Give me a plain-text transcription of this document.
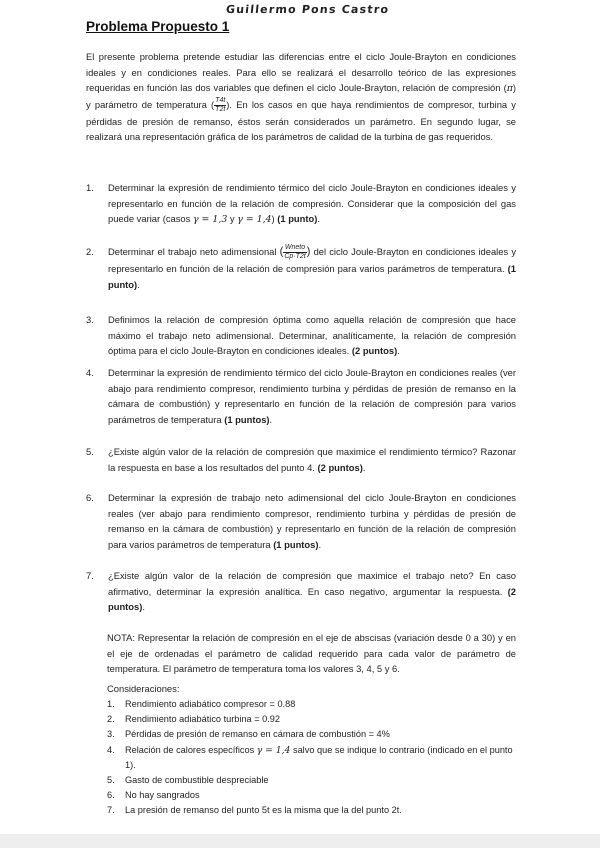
Guillermo Pons Castro
Problema Propuesto 1
El presente problema pretende estudiar las diferencias entre el ciclo Joule-Brayton en condiciones ideales y en condiciones reales. Para ello se realizará el desarrollo teórico de las expresiones requeridas en función las dos variables que definen el ciclo Joule-Brayton, relación de compresión (π) y parámetro de temperatura ( $\frac{T4t}{T2t}$ ). En los casos en que haya rendimientos de compresor, turbina y pérdidas de presión de remanso, éstos serán considerados un parámetro. En segundo lugar, se realizará una representación gráfica de los parámetros de calidad de la turbina de gas requeridos.
1.	Determinar la expresión de rendimiento térmico del ciclo Joule-Brayton en condiciones ideales y representarlo en función de la relación de compresión. Considerar que la composición del gas puede variar (casos γ = 1,3 y γ = 1,4) (1 punto).
2.	Determinar el trabajo neto adimensional ( $\frac{\text{Wneto}}{Cp\cdot T2t}$ ) del ciclo Joule-Brayton en condiciones ideales y representarlo en función de la relación de compresión para varios parámetros de temperatura. (1 punto).
3.	Definimos la relación de compresión óptima como aquella relación de compresión que hace máximo el trabajo neto adimensional. Determinar, analíticamente, la relación de compresión óptima para el ciclo Joule-Brayton en condiciones ideales. (2 puntos).
4.	Determinar la expresión de rendimiento térmico del ciclo Joule-Brayton en condiciones reales (ver abajo para rendimiento compresor, rendimiento turbina y pérdidas de presión de remanso en la cámara de combustión) y representarlo en función de la relación de compresión para varios parámetros de temperatura (1 puntos).
5.	¿Existe algún valor de la relación de compresión que maximice el rendimiento térmico? Razonar la respuesta en base a los resultados del punto 4. (2 puntos).
6.	Determinar la expresión de trabajo neto adimensional del ciclo Joule-Brayton en condiciones reales (ver abajo para rendimiento compresor, rendimiento turbina y pérdidas de presión de remanso en la cámara de combustión) y representarlo en función de la relación de compresión para varios parámetros de temperatura (1 puntos).
7.	¿Existe algún valor de la relación de compresión que maximice el trabajo neto? En caso afirmativo, determinar la expresión analítica. En caso negativo, argumentar la respuesta. (2 puntos).
NOTA: Representar la relación de compresión en el eje de abscisas (variación desde 0 a 30) y en el eje de ordenadas el parámetro de calidad requerido para cada valor de parámetro de temperatura. El parámetro de temperatura toma los valores 3, 4, 5 y 6.
Consideraciones:
1. Rendimiento adiabático compresor = 0.88
2. Rendimiento adiabático turbina = 0.92
3. Pérdidas de presión de remanso en cámara de combustión = 4%
4. Relación de calores específicos γ = 1,4 salvo que se indique lo contrario (indicado en el punto 1).
5. Gasto de combustible despreciable
6. No hay sangrados
7. La presión de remanso del punto 5t es la misma que la del punto 2t.
